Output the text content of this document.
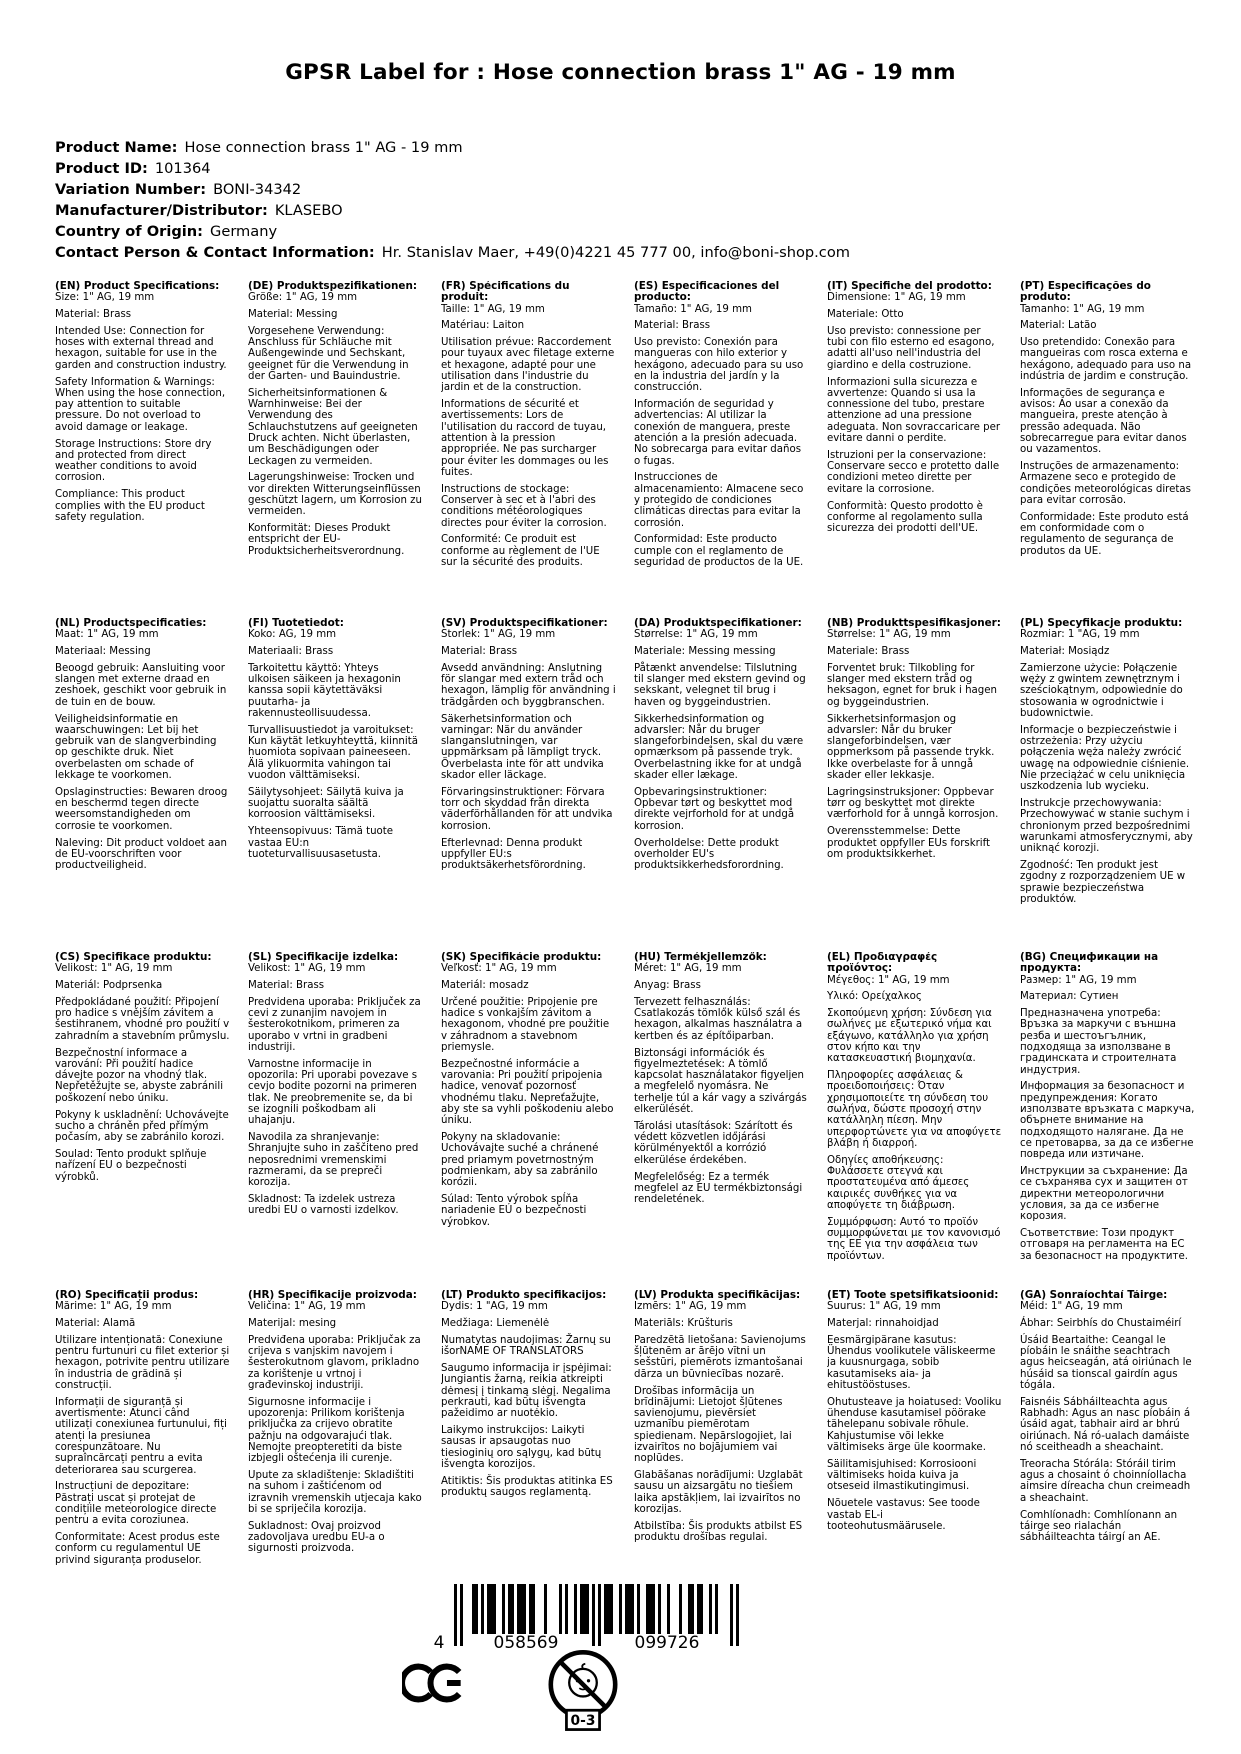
GPSR Label for : Hose connection brass 1" AG - 19 mm
Product Name: Hose connection brass 1" AG - 19 mm
Product ID: 101364
Variation Number: BONI-34342
Manufacturer/Distributor: KLASEBO
Country of Origin: Germany
Contact Person & Contact Information: Hr. Stanislav Maer, +49(0)4221 45 777 00, info@boni-shop.com
(EN) Product Specifications:
Size: 1" AG, 19 mm
Material: Brass
Intended Use: Connection for hoses with external thread and hexagon, suitable for use in the garden and construction industry.
Safety Information & Warnings: When using the hose connection, pay attention to suitable pressure. Do not overload to avoid damage or leakage.
Storage Instructions: Store dry and protected from direct weather conditions to avoid corrosion.
Compliance: This product complies with the EU product safety regulation.
(DE) Produktspezifikationen:
Größe: 1" AG, 19 mm
Material: Messing
Vorgesehene Verwendung: Anschluss für Schläuche mit Außengewinde und Sechskant, geeignet für die Verwendung in der Garten- und Bauindustrie.
Sicherheitsinformationen & Warnhinweise: Bei der Verwendung des Schlauchstutzens auf geeigneten Druck achten. Nicht überlasten, um Beschädigungen oder Leckagen zu vermeiden.
Lagerungshinweise: Trocken und vor direkten Witterungseinflüssen geschützt lagern, um Korrosion zu vermeiden.
Konformität: Dieses Produkt entspricht der EU-Produktsicherheitsverordnung.
(FR) Spécifications du produit:
Taille: 1" AG, 19 mm
Matériau: Laiton
Utilisation prévue: Raccordement pour tuyaux avec filetage externe et hexagone, adapté pour une utilisation dans l'industrie du jardin et de la construction.
Informations de sécurité et avertissements: Lors de l'utilisation du raccord de tuyau, attention à la pression appropriée. Ne pas surcharger pour éviter les dommages ou les fuites.
Instructions de stockage: Conserver à sec et à l'abri des conditions météorologiques directes pour éviter la corrosion.
Conformité: Ce produit est conforme au règlement de l'UE sur la sécurité des produits.
(ES) Especificaciones del producto:
Tamaño: 1" AG, 19 mm
Material: Brass
Uso previsto: Conexión para mangueras con hilo exterior y hexágono, adecuado para su uso en la industria del jardín y la construcción.
Información de seguridad y advertencias: Al utilizar la conexión de manguera, preste atención a la presión adecuada. No sobrecarga para evitar daños o fugas.
Instrucciones de almacenamiento: Almacene seco y protegido de condiciones climáticas directas para evitar la corrosión.
Conformidad: Este producto cumple con el reglamento de seguridad de productos de la UE.
(IT) Specifiche del prodotto:
Dimensione: 1" AG, 19 mm
Materiale: Otto
Uso previsto: connessione per tubi con filo esterno ed esagono, adatti all'uso nell'industria del giardino e della costruzione.
Informazioni sulla sicurezza e avvertenze: Quando si usa la connessione del tubo, prestare attenzione ad una pressione adeguata. Non sovraccaricare per evitare danni o perdite.
Istruzioni per la conservazione: Conservare secco e protetto dalle condizioni meteo dirette per evitare la corrosione.
Conformità: Questo prodotto è conforme al regolamento sulla sicurezza dei prodotti dell'UE.
(PT) Especificações do produto:
Tamanho: 1" AG, 19 mm
Material: Latão
Uso pretendido: Conexão para mangueiras com rosca externa e hexágono, adequado para uso na indústria de jardim e construção.
Informações de segurança e avisos: Ao usar a conexão da mangueira, preste atenção à pressão adequada. Não sobrecarregue para evitar danos ou vazamentos.
Instruções de armazenamento: Armazene seco e protegido de condições meteorológicas diretas para evitar corrosão.
Conformidade: Este produto está em conformidade com o regulamento de segurança de produtos da UE.
(NL) Productspecificaties:
Maat: 1" AG, 19 mm
Materiaal: Messing
Beoogd gebruik: Aansluiting voor slangen met externe draad en zeshoek, geschikt voor gebruik in de tuin en de bouw.
Veiligheidsinformatie en waarschuwingen: Let bij het gebruik van de slangverbinding op geschikte druk. Niet overbelasten om schade of lekkage te voorkomen.
Opslaginstructies: Bewaren droog en beschermd tegen directe weersomstandigheden om corrosie te voorkomen.
Naleving: Dit product voldoet aan de EU-voorschriften voor productveiligheid.
(FI) Tuotetiedot:
Koko: AG, 19 mm
Materiaali: Brass
Tarkoitettu käyttö: Yhteys ulkoisen säikeen ja hexagonin kanssa sopii käytettäväksi puutarha- ja rakennusteollisuudessa.
Turvallisuustiedot ja varoitukset: Kun käytät letkuyhteyttä, kiinnitä huomiota sopivaan paineeseen. Älä ylikuormita vahingon tai vuodon välttämiseksi.
Säilytysohjeet: Säilytä kuiva ja suojattu suoralta säältä korroosion välttämiseksi.
Yhteensopivuus: Tämä tuote vastaa EU:n tuoteturvallisuusasetusta.
(SV) Produktspecifikationer:
Storlek: 1" AG, 19 mm
Material: Brass
Avsedd användning: Anslutning för slangar med extern tråd och hexagon, lämplig för användning i trädgården och byggbranschen.
Säkerhetsinformation och varningar: När du använder slanganslutningen, var uppmärksam på lämpligt tryck. Överbelasta inte för att undvika skador eller läckage.
Förvaringsinstruktioner: Förvara torr och skyddad från direkta väderförhållanden för att undvika korrosion.
Efterlevnad: Denna produkt uppfyller EU:s produktsäkerhetsförordning.
(DA) Produktspecifikationer:
Størrelse: 1" AG, 19 mm
Materiale: Messing messing
Påtænkt anvendelse: Tilslutning til slanger med ekstern gevind og sekskant, velegnet til brug i haven og byggeindustrien.
Sikkerhedsinformation og advarsler: Når du bruger slangeforbindelsen, skal du være opmærksom på passende tryk. Overbelastning ikke for at undgå skader eller lækage.
Opbevaringsinstruktioner: Opbevar tørt og beskyttet mod direkte vejrforhold for at undgå korrosion.
Overholdelse: Dette produkt overholder EU's produktsikkerhedsforordning.
(NB) Produkttspesifikasjoner:
Størrelse: 1" AG, 19 mm
Materiale: Brass
Forventet bruk: Tilkobling for slanger med ekstern tråd og heksagon, egnet for bruk i hagen og byggeindustrien.
Sikkerhetsinformasjon og advarsler: Når du bruker slangeforbindelsen, vær oppmerksom på passende trykk. Ikke overbelaste for å unngå skader eller lekkasje.
Lagringsinstruksjoner: Oppbevar tørr og beskyttet mot direkte værforhold for å unngå korrosjon.
Overensstemmelse: Dette produktet oppfyller EUs forskrift om produktsikkerhet.
(PL) Specyfikacje produktu:
Rozmiar: 1 "AG, 19 mm
Materiał: Mosiądz
Zamierzone użycie: Połączenie węży z gwintem zewnętrznym i sześciokątnym, odpowiednie do stosowania w ogrodnictwie i budownictwie.
Informacje o bezpieczeństwie i ostrzeżenia: Przy użyciu połączenia węża należy zwrócić uwagę na odpowiednie ciśnienie. Nie przeciążać w celu uniknięcia uszkodzenia lub wycieku.
Instrukcje przechowywania: Przechowywać w stanie suchym i chronionym przed bezpośrednimi warunkami atmosferycznymi, aby uniknąć korozji.
Zgodność: Ten produkt jest zgodny z rozporządzeniem UE w sprawie bezpieczeństwa produktów.
(CS) Specifikace produktu:
Velikost: 1" AG, 19 mm
Materiál: Podprsenka
Předpokládané použití: Připojení pro hadice s vnějším závitem a šestihranem, vhodné pro použití v zahradním a stavebním průmyslu.
Bezpečnostní informace a varování: Při použití hadice dávejte pozor na vhodný tlak. Nepřetěžujte se, abyste zabránili poškození nebo úniku.
Pokyny k uskladnění: Uchovávejte sucho a chráněn před přímým počasím, aby se zabránilo korozi.
Soulad: Tento produkt splňuje nařízení EU o bezpečnosti výrobků.
(SL) Specifikacije izdelka:
Velikost: 1" AG, 19 mm
Material: Brass
Predvidena uporaba: Priključek za cevi z zunanjim navojem in šesterokotnikom, primeren za uporabo v vrtni in gradbeni industriji.
Varnostne informacije in opozorila: Pri uporabi povezave s cevjo bodite pozorni na primeren tlak. Ne preobremenite se, da bi se izognili poškodbam ali uhajanju.
Navodila za shranjevanje: Shranjujte suho in zaščiteno pred neposrednimi vremenskimi razmerami, da se prepreči korozija.
Skladnost: Ta izdelek ustreza uredbi EU o varnosti izdelkov.
(SK) Špecifikácie produktu:
Veľkosť: 1" AG, 19 mm
Materiál: mosadz
Určené použitie: Pripojenie pre hadice s vonkajším závitom a hexagonom, vhodné pre použitie v záhradnom a stavebnom priemysle.
Bezpečnostné informácie a varovania: Pri použití pripojenia hadice, venovať pozornosť vhodnému tlaku. Nepreťažujte, aby ste sa vyhli poškodeniu alebo úniku.
Pokyny na skladovanie: Uchovávajte suché a chránené pred priamym povetrnostným podmienkam, aby sa zabránilo korózii.
Súlad: Tento výrobok spĺňa nariadenie EÚ o bezpečnosti výrobkov.
(HU) Termékjellemzők:
Méret: 1" AG, 19 mm
Anyag: Brass
Tervezett felhasználás: Csatlakozás tömlők külső szál és hexagon, alkalmas használatra a kertben és az építőiparban.
Biztonsági információk és figyelmeztetések: A tömlő kapcsolat használatakor figyeljen a megfelelő nyomásra. Ne terhelje túl a kár vagy a szivárgás elkerülését.
Tárolási utasítások: Szárított és védett közvetlen időjárási körülményektől a korrózió elkerülése érdekében.
Megfelelőség: Ez a termék megfelel az EU termékbiztonsági rendeletének.
(EL) Προδιαγραφές προϊόντος:
Μέγεθος: 1" AG, 19 mm
Υλικό: Ορείχαλκος
Σκοπούμενη χρήση: Σύνδεση για σωλήνες με εξωτερικό νήμα και εξάγωνο, κατάλληλο για χρήση στον κήπο και την κατασκευαστική βιομηχανία.
Πληροφορίες ασφάλειας & προειδοποιήσεις: Όταν χρησιμοποιείτε τη σύνδεση του σωλήνα, δώστε προσοχή στην κατάλληλη πίεση. Μην υπερφορτώνετε για να αποφύγετε βλάβη ή διαρροή.
Οδηγίες αποθήκευσης: Φυλάσσετε στεγνά και προστατευμένα από άμεσες καιρικές συνθήκες για να αποφύγετε τη διάβρωση.
Συμμόρφωση: Αυτό το προϊόν συμμορφώνεται με τον κανονισμό της ΕΕ για την ασφάλεια των προϊόντων.
(BG) Спецификации на продукта:
Размер: 1" AG, 19 mm
Материал: Сутиен
Предназначена употреба: Връзка за маркучи с външна резба и шестоъгълник, подходяща за използване в градинската и строителната индустрия.
Информация за безопасност и предупреждения: Когато използвате връзката с маркуча, обърнете внимание на подходящото налягане. Да не се претоварва, за да се избегне повреда или изтичане.
Инструкции за съхранение: Да се съхранява сух и защитен от директни метеорологични условия, за да се избегне корозия.
Съответствие: Този продукт отговаря на регламента на ЕС за безопасност на продуктите.
(RO) Specificații produs:
Mărime: 1" AG, 19 mm
Material: Alamă
Utilizare intenționată: Conexiune pentru furtunuri cu filet exterior și hexagon, potrivite pentru utilizare în industria de grădină și construcții.
Informații de siguranță și avertismente: Atunci când utilizați conexiunea furtunului, fiți atenți la presiunea corespunzătoare. Nu supraîncărcați pentru a evita deteriorarea sau scurgerea.
Instrucțiuni de depozitare: Păstrați uscat și protejat de condițiile meteorologice directe pentru a evita coroziunea.
Conformitate: Acest produs este conform cu regulamentul UE privind siguranța produselor.
(HR) Specifikacije proizvoda:
Veličina: 1" AG, 19 mm
Materijal: mesing
Predviđena uporaba: Priključak za crijeva s vanjskim navojem i šesterokutnom glavom, prikladno za korištenje u vrtnoj i građevinskoj industriji.
Sigurnosne informacije i upozorenja: Prilikom korištenja priključka za crijevo obratite pažnju na odgovarajući tlak. Nemojte preopteretiti da biste izbjegli oštećenja ili curenje.
Upute za skladištenje: Skladištiti na suhom i zaštićenom od izravnih vremenskih utjecaja kako bi se spriječila korozija.
Sukladnost: Ovaj proizvod zadovoljava uredbu EU-a o sigurnosti proizvoda.
(LT) Produkto specifikacijos:
Dydis: 1 "AG, 19 mm
Medžiaga: Liemenėlė
Numatytas naudojimas: Žarnų su išorNAME OF TRANSLATORS
Saugumo informacija ir įspėjimai: Jungiantis žarną, reikia atkreipti dėmesį į tinkamą slėgį. Negalima perkrauti, kad būtų išvengta pažeidimo ar nuotėkio.
Laikymo instrukcijos: Laikyti sausas ir apsaugotas nuo tiesioginių oro sąlygų, kad būtų išvengta korozijos.
Atitiktis: Šis produktas atitinka ES produktų saugos reglamentą.
(LV) Produkta specifikācijas:
Izmērs: 1" AG, 19 mm
Materiāls: Krūšturis
Paredzētā lietošana: Savienojums šļūtenēm ar ārējo vītni un sešstūri, piemērots izmantošanai dārza un būvniecības nozarē.
Drošības informācija un brīdinājumi: Lietojot šļūtenes savienojumu, pievērsiet uzmanību piemērotam spiedienam. Nepārslogojiet, lai izvairītos no bojājumiem vai noplūdes.
Glabāšanas norādījumi: Uzglabāt sausu un aizsargātu no tiešiem laika apstākļiem, lai izvairītos no korozijas.
Atbilstība: Šis produkts atbilst ES produktu drošības regulai.
(ET) Toote spetsifikatsioonid:
Suurus: 1" AG, 19 mm
Materjal: rinnahoidjad
Eesmärgipärane kasutus: Ühendus voolikutele väliskeerme ja kuusnurgaga, sobib kasutamiseks aia- ja ehitustööstuses.
Ohutusteave ja hoiatused: Vooliku ühenduse kasutamisel pöörake tähelepanu sobivale rõhule. Kahjustumise või lekke vältimiseks ärge üle koormake.
Säilitamisjuhised: Korrosiooni vältimiseks hoida kuiva ja otseseid ilmastikutingimusi.
Nõuetele vastavus: See toode vastab EL-i tooteohutusmäärusele.
(GA) Sonraíochtaí Táirge:
Méid: 1" AG, 19 mm
Ábhar: Seirbhís do Chustaiméirí
Úsáid Beartaithe: Ceangal le píobáin le snáithe seachtrach agus heicseagán, atá oiriúnach le húsáid sa tionscal gairdín agus tógála.
Faisnéis Sábháilteachta agus Rabhadh: Agus an nasc píobáin á úsáid agat, tabhair aird ar bhrú oiriúnach. Ná ró-ualach damáiste nó sceitheadh a sheachaint.
Treoracha Stórála: Stóráil tirim agus a chosaint ó choinníollacha aimsire díreacha chun creimeadh a sheachaint.
Comhlíonadh: Comhlíonann an táirge seo rialachán sábháilteachta táirgí an AE.
4	058569	099726
0-3
